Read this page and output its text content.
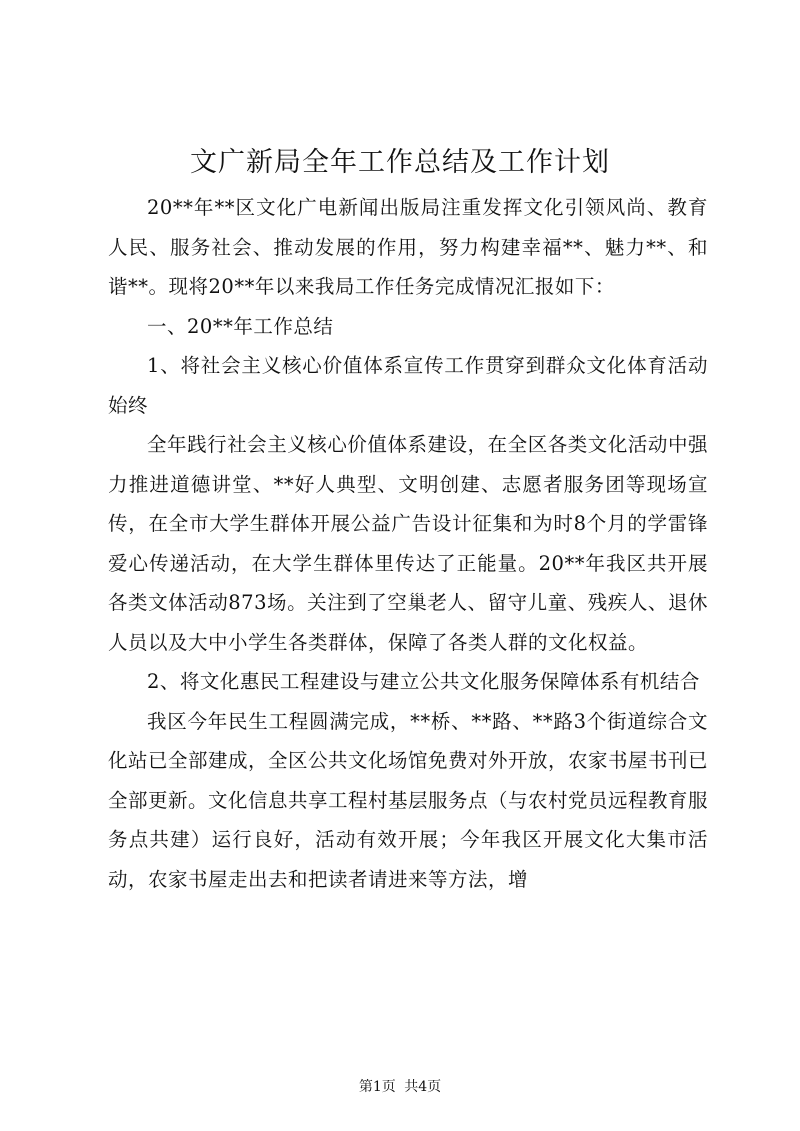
文广新局全年工作总结及工作计划

20**年**区文化广电新闻出版局注重发挥文化引领风尚、教育人民、服务社会、推动发展的作用，努力构建幸福**、魅力**、和谐**。现将20**年以来我局工作任务完成情况汇报如下：

一、20**年工作总结

1、将社会主义核心价值体系宣传工作贯穿到群众文化体育活动始终

全年践行社会主义核心价值体系建设，在全区各类文化活动中强力推进道德讲堂、**好人典型、文明创建、志愿者服务团等现场宣传，在全市大学生群体开展公益广告设计征集和为时8个月的学雷锋爱心传递活动，在大学生群体里传达了正能量。20**年我区共开展各类文体活动873场。关注到了空巢老人、留守儿童、残疾人、退休人员以及大中小学生各类群体，保障了各类人群的文化权益。

2、将文化惠民工程建设与建立公共文化服务保障体系有机结合

我区今年民生工程圆满完成，**桥、**路、**路3个街道综合文化站已全部建成，全区公共文化场馆免费对外开放，农家书屋书刊已全部更新。文化信息共享工程村基层服务点（与农村党员远程教育服务点共建）运行良好，活动有效开展；今年我区开展文化大集市活动，农家书屋走出去和把读者请进来等方法，增

第1页 共4页
